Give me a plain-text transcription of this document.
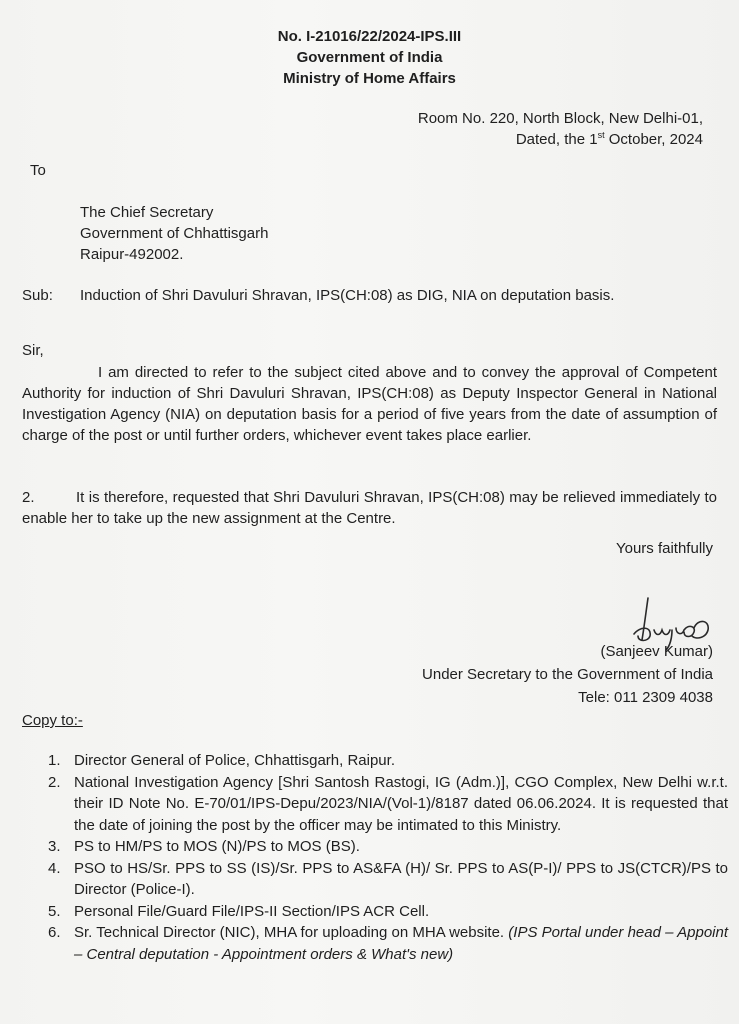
No. I-21016/22/2024-IPS.III
Government of India
Ministry of Home Affairs
Room No. 220, North Block, New Delhi-01,
Dated, the 1st October, 2024
To
The Chief Secretary
Government of Chhattisgarh
Raipur-492002.
Sub: Induction of Shri Davuluri Shravan, IPS(CH:08) as DIG, NIA on deputation basis.
Sir,
I am directed to refer to the subject cited above and to convey the approval of Competent Authority for induction of Shri Davuluri Shravan, IPS(CH:08) as Deputy Inspector General in National Investigation Agency (NIA) on deputation basis for a period of five years from the date of assumption of charge of the post or until further orders, whichever event takes place earlier.
2.	It is therefore, requested that Shri Davuluri Shravan, IPS(CH:08) may be relieved immediately to enable her to take up the new assignment at the Centre.
Yours faithfully
(Sanjeev Kumar)
Under Secretary to the Government of India
Tele: 011 2309 4038
Copy to:-
1. Director General of Police, Chhattisgarh, Raipur.
2. National Investigation Agency [Shri Santosh Rastogi, IG (Adm.)], CGO Complex, New Delhi w.r.t. their ID Note No. E-70/01/IPS-Depu/2023/NIA/(Vol-1)/8187 dated 06.06.2024. It is requested that the date of joining the post by the officer may be intimated to this Ministry.
3. PS to HM/PS to MOS (N)/PS to MOS (BS).
4. PSO to HS/Sr. PPS to SS (IS)/Sr. PPS to AS&FA (H)/ Sr. PPS to AS(P-I)/ PPS to JS(CTCR)/PS to Director (Police-I).
5. Personal File/Guard File/IPS-II Section/IPS ACR Cell.
6. Sr. Technical Director (NIC), MHA for uploading on MHA website. (IPS Portal under head – Appoint – Central deputation - Appointment orders & What's new)
